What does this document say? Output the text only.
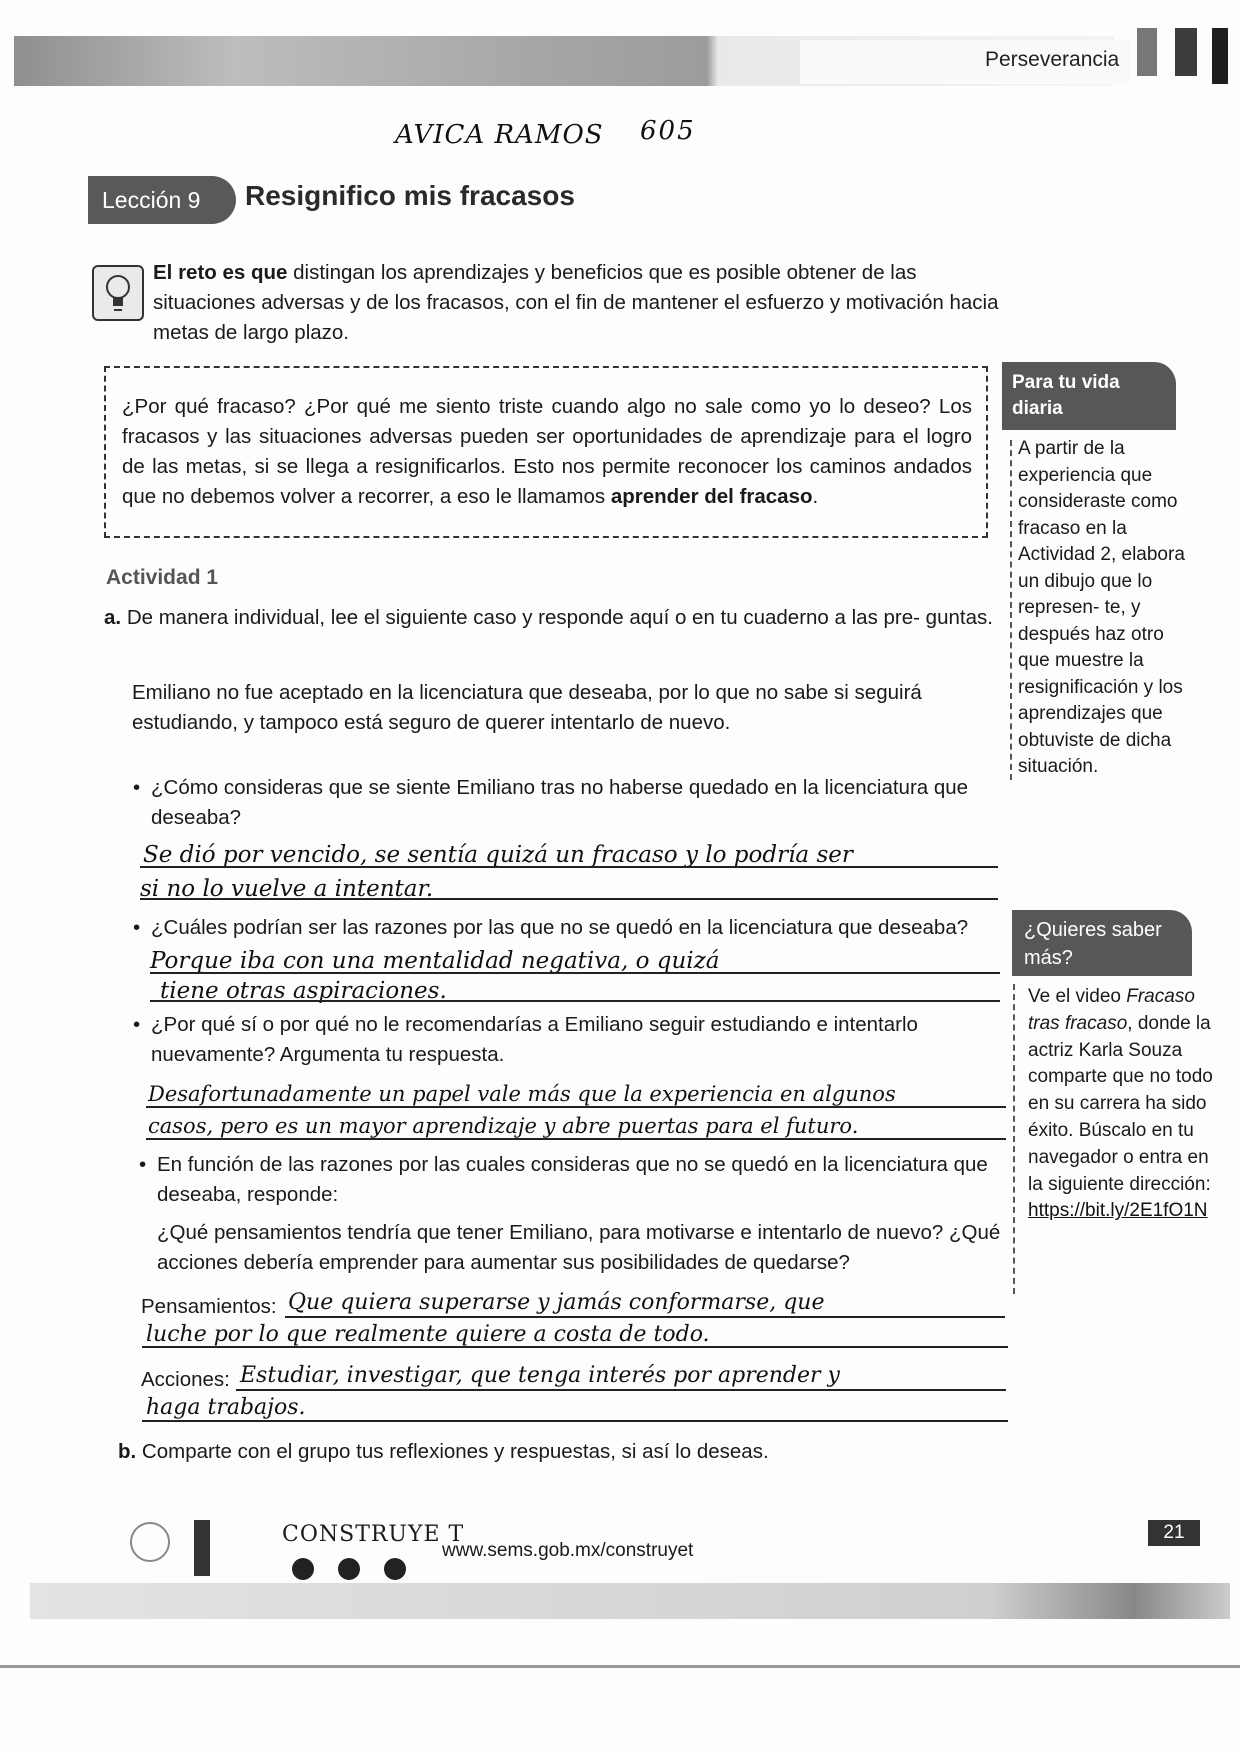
Perseverancia
AVICA RAMOS 605
Lección 9	Resignifico mis fracasos
El reto es que distingan los aprendizajes y beneficios que es posible obtener de las situaciones adversas y de los fracasos, con el fin de mantener el esfuerzo y motivación hacia metas de largo plazo.
¿Por qué fracaso? ¿Por qué me siento triste cuando algo no sale como yo lo deseo? Los fracasos y las situaciones adversas pueden ser oportunidades de aprendizaje para el logro de las metas, si se llega a resignificarlos. Esto nos permite reconocer los caminos andados que no debemos volver a recorrer, a eso le llamamos aprender del fracaso.
Para tu vida diaria
A partir de la experiencia que consideraste como fracaso en la Actividad 2, elabora un dibujo que lo represen- te, y después haz otro que muestre la resignificación y los aprendizajes que obtuviste de dicha situación.
¿Quieres saber más?
Ve el video Fracaso tras fracaso, donde la actriz Karla Souza comparte que no todo en su carrera ha sido éxito. Búscalo en tu navegador o entra en la siguiente dirección: https://bit.ly/2E1fO1N
Actividad 1
a. De manera individual, lee el siguiente caso y responde aquí o en tu cuaderno a las pre- guntas.
Emiliano no fue aceptado en la licenciatura que deseaba, por lo que no sabe si seguirá estudiando, y tampoco está seguro de querer intentarlo de nuevo.
• ¿Cómo consideras que se siente Emiliano tras no haberse quedado en la licenciatura que deseaba?
Se dió por vencido, se sentía quizá un fracaso y lo podría ser
si no lo vuelve a intentar.
• ¿Cuáles podrían ser las razones por las que no se quedó en la licenciatura que deseaba?
Porque iba con una mentalidad negativa, o quizá
tiene otras aspiraciones.
• ¿Por qué sí o por qué no le recomendarías a Emiliano seguir estudiando e intentarlo nuevamente? Argumenta tu respuesta.
Desafortunadamente un papel vale más que la experiencia en algunos
casos, pero es un mayor aprendizaje y abre puertas para el futuro.
• En función de las razones por las cuales consideras que no se quedó en la licenciatura que deseaba, responde:
¿Qué pensamientos tendría que tener Emiliano, para motivarse e intentarlo de nuevo? ¿Qué acciones debería emprender para aumentar sus posibilidades de quedarse?
Pensamientos: Que quiera superarse y jamás conformarse, que
luche por lo que realmente quiere a costa de todo.
Acciones: Estudiar, investigar, que tenga interés por aprender y
haga trabajos.
b. Comparte con el grupo tus reflexiones y respuestas, si así lo deseas.
CONSTRUYE T
www.sems.gob.mx/construyet
21
